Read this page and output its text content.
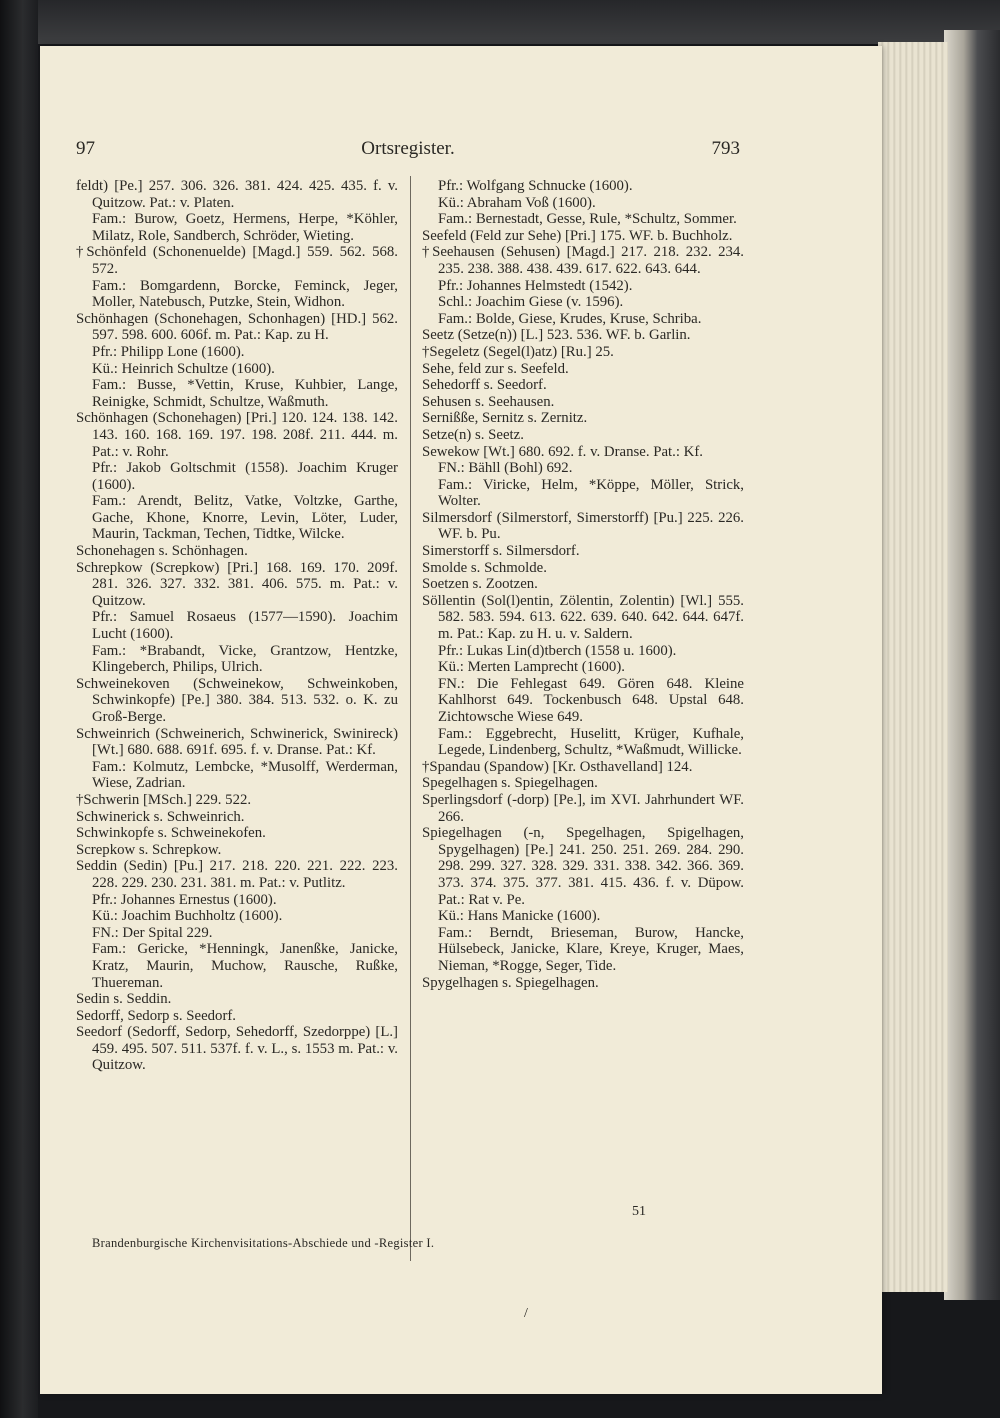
Ortsregister.
97	793

feldt) [Pe.] 257. 306. 326. 381. 424. 425. 435. f. v. Quitzow. Pat.: v. Platen.

Fam.: Burow, Goetz, Hermens, Herpe, *Köhler, Milatz, Role, Sandberch, Schröder, Wieting.

†Schönfeld (Schonenuelde) [Magd.] 559. 562. 568. 572.

Fam.: Bomgardenn, Borcke, Feminck, Jeger, Moller, Natebusch, Putzke, Stein, Widhon.

Schönhagen (Schonehagen, Schonhagen) [HD.] 562. 597. 598. 600. 606f. m. Pat.: Kap. zu H.

Pfr.: Philipp Lone (1600).

Kü.: Heinrich Schultze (1600).

Fam.: Busse, *Vettin, Kruse, Kuhbier, Lange, Reinigke, Schmidt, Schultze, Waßmuth.

Schönhagen (Schonehagen) [Pri.] 120. 124. 138. 142. 143. 160. 168. 169. 197. 198. 208f. 211. 444. m. Pat.: v. Rohr.

Pfr.: Jakob Goltschmit (1558). Joachim Kruger (1600).

Fam.: Arendt, Belitz, Vatke, Voltzke, Garthe, Gache, Khone, Knorre, Levin, Löter, Luder, Maurin, Tackman, Techen, Tidtke, Wilcke.

Schonehagen s. Schönhagen.

Schrepkow (Screpkow) [Pri.] 168. 169. 170. 209f. 281. 326. 327. 332. 381. 406. 575. m. Pat.: v. Quitzow.

Pfr.: Samuel Rosaeus (1577—1590). Joachim Lucht (1600).

Fam.: *Brabandt, Vicke, Grantzow, Hentzke, Klingeberch, Philips, Ulrich.

Schweinekoven (Schweinekow, Schweinkoben, Schwinkopfe) [Pe.] 380. 384. 513. 532. o. K. zu Groß-Berge.

Schweinrich (Schweinerich, Schwinerick, Swinireck) [Wt.] 680. 688. 691f. 695. f. v. Dranse. Pat.: Kf.

Fam.: Kolmutz, Lembcke, *Musolff, Werderman, Wiese, Zadrian.

†Schwerin [MSch.] 229. 522.

Schwinerick s. Schweinrich.

Schwinkopfe s. Schweinekofen.

Screpkow s. Schrepkow.

Seddin (Sedin) [Pu.] 217. 218. 220. 221. 222. 223. 228. 229. 230. 231. 381. m. Pat.: v. Putlitz.

Pfr.: Johannes Ernestus (1600).

Kü.: Joachim Buchholtz (1600).

FN.: Der Spital 229.

Fam.: Gericke, *Henningk, Janenßke, Janicke, Kratz, Maurin, Muchow, Rausche, Rußke, Thuereman.

Sedin s. Seddin.

Sedorff, Sedorp s. Seedorf.

Seedorf (Sedorff, Sedorp, Sehedorff, Szedorppe) [L.] 459. 495. 507. 511. 537f. f. v. L., s. 1553 m. Pat.: v. Quitzow.

Pfr.: Wolfgang Schnucke (1600).

Kü.: Abraham Voß (1600).

Fam.: Bernestadt, Gesse, Rule, *Schultz, Sommer.

Seefeld (Feld zur Sehe) [Pri.] 175. WF. b. Buchholz.

†Seehausen (Sehusen) [Magd.] 217. 218. 232. 234. 235. 238. 388. 438. 439. 617. 622. 643. 644.

Pfr.: Johannes Helmstedt (1542).

Schl.: Joachim Giese (v. 1596).

Fam.: Bolde, Giese, Krudes, Kruse, Schriba.

Seetz (Setze(n)) [L.] 523. 536. WF. b. Garlin.

†Segeletz (Segel(l)atz) [Ru.] 25.

Sehe, feld zur s. Seefeld.

Sehedorff s. Seedorf.

Sehusen s. Seehausen.

Sernißße, Sernitz s. Zernitz.

Setze(n) s. Seetz.

Sewekow [Wt.] 680. 692. f. v. Dranse. Pat.: Kf.

FN.: Bähll (Bohl) 692.

Fam.: Viricke, Helm, *Köppe, Möller, Strick, Wolter.

Silmersdorf (Silmerstorf, Simerstorff) [Pu.] 225. 226. WF. b. Pu.

Simerstorff s. Silmersdorf.

Smolde s. Schmolde.

Soetzen s. Zootzen.

Söllentin (Sol(l)entin, Zölentin, Zolentin) [Wl.] 555. 582. 583. 594. 613. 622. 639. 640. 642. 644. 647f. m. Pat.: Kap. zu H. u. v. Saldern.

Pfr.: Lukas Lin(d)tberch (1558 u. 1600).

Kü.: Merten Lamprecht (1600).

FN.: Die Fehlegast 649. Gören 648. Kleine Kahlhorst 649. Tockenbusch 648. Upstal 648. Zichtowsche Wiese 649.

Fam.: Eggebrecht, Huselitt, Krüger, Kufhale, Legede, Lindenberg, Schultz, *Waßmudt, Willicke.

†Spandau (Spandow) [Kr. Osthavelland] 124.

Spegelhagen s. Spiegelhagen.

Sperlingsdorf (-dorp) [Pe.], im XVI. Jahrhundert WF. 266.

Spiegelhagen (-n, Spegelhagen, Spigelhagen, Spygelhagen) [Pe.] 241. 250. 251. 269. 284. 290. 298. 299. 327. 328. 329. 331. 338. 342. 366. 369. 373. 374. 375. 377. 381. 415. 436. f. v. Düpow. Pat.: Rat v. Pe.

Kü.: Hans Manicke (1600).

Fam.: Berndt, Brieseman, Burow, Hancke, Hülsebeck, Janicke, Klare, Kreye, Kruger, Maes, Nieman, *Rogge, Seger, Tide.

Spygelhagen s. Spiegelhagen.

51
Brandenburgische Kirchenvisitations-Abschiede und -Register I.
/
